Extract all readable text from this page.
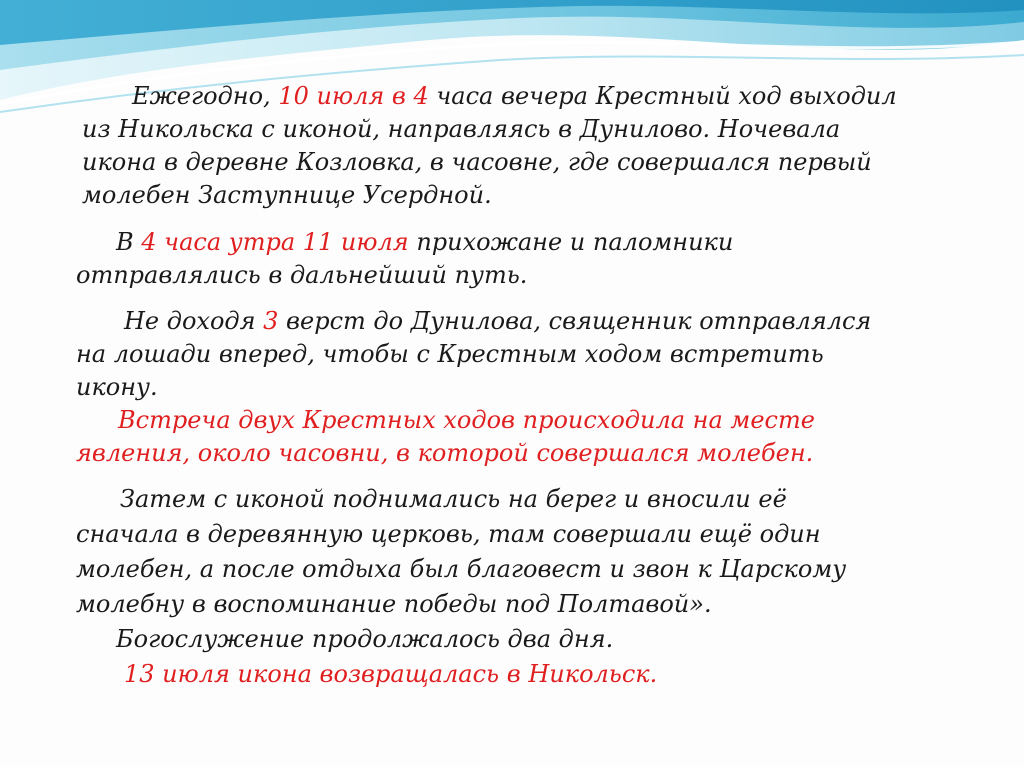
Ежегодно, 10 июля в 4 часа вечера Крестный ход выходил
из Никольска с иконой, направляясь в Дунилово. Ночевала
икона в деревне Козловка, в часовне, где совершался первый
молебен Заступнице Усердной.
В 4 часа утра 11 июля прихожане и паломники
отправлялись в дальнейший путь.
Не доходя 3 верст до Дунилова, священник отправлялся
на лошади вперед, чтобы с Крестным ходом встретить
икону.
Встреча двух Крестных ходов происходила на месте
явления, около часовни, в которой совершался молебен.
Затем с иконой поднимались на берег и вносили её
сначала в деревянную церковь, там совершали ещё один
молебен, а после отдыха был благовест и звон к Царскому
молебну в воспоминание победы под Полтавой».
Богослужение продолжалось два дня.
13 июля икона возвращалась в Никольск.
